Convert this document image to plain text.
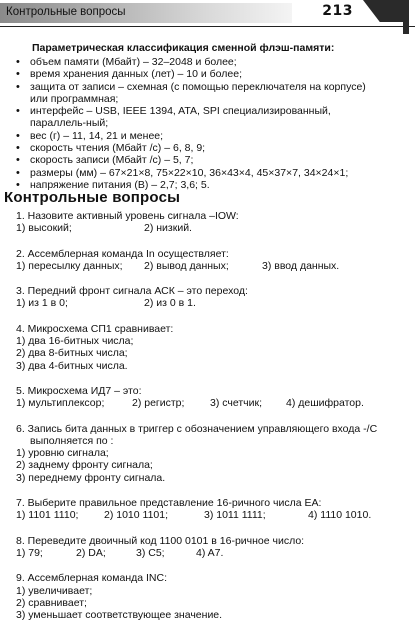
Контрольные вопросы	213
Параметрическая классификация сменной флэш-памяти:
• объем памяти (Мбайт) – 32–2048 и более;
• время хранения данных (лет) – 10 и более;
• защита от записи – схемная (с помощью переключателя на корпусе) или программная;
• интерфейс – USB, IEEE 1394, ATA, SPI специализированный, параллель-ный;
• вес (г) – 11, 14, 21 и менее;
• скорость чтения (Мбайт /с) – 6, 8, 9;
• скорость записи (Мбайт /с) – 5, 7;
• размеры (мм) – 67×21×8, 75×22×10, 36×43×4, 45×37×7, 34×24×1;
• напряжение питания (В) – 2,7; 3,6; 5.
Контрольные вопросы
1. Назовите активный уровень сигнала –IOW:
1) высокий;	2) низкий.
2. Ассемблерная команда In осуществляет:
1) пересылку данных;	2) вывод данных;	3) ввод данных.
3. Передний фронт сигнала АСК – это переход:
1) из 1 в 0;	2) из 0 в 1.
4. Микросхема СП1 сравнивает:
1) два 16-битных числа;
2) два 8-битных числа;
3) два 4-битных числа.
5. Микросхема ИД7 – это:
1) мультиплексор;	2) регистр;	3) счетчик;	4) дешифратор.
6. Запись бита данных в триггер с обозначением управляющего входа -/С
выполняется по :
1) уровню сигнала;
2) заднему фронту сигнала;
3) переднему фронту сигнала.
7. Выберите правильное представление 16-ричного числа EA:
1) 1101 1110;	2) 1010 1101;	3) 1011 1111;	4) 1110 1010.
8. Переведите двоичный код 1100 0101 в 16-ричное число:
1) 79;	2) DA;	3) C5;	4) A7.
9. Ассемблерная команда INC:
1) увеличивает;
2) сравнивает;
3) уменьшает соответствующее значение.
